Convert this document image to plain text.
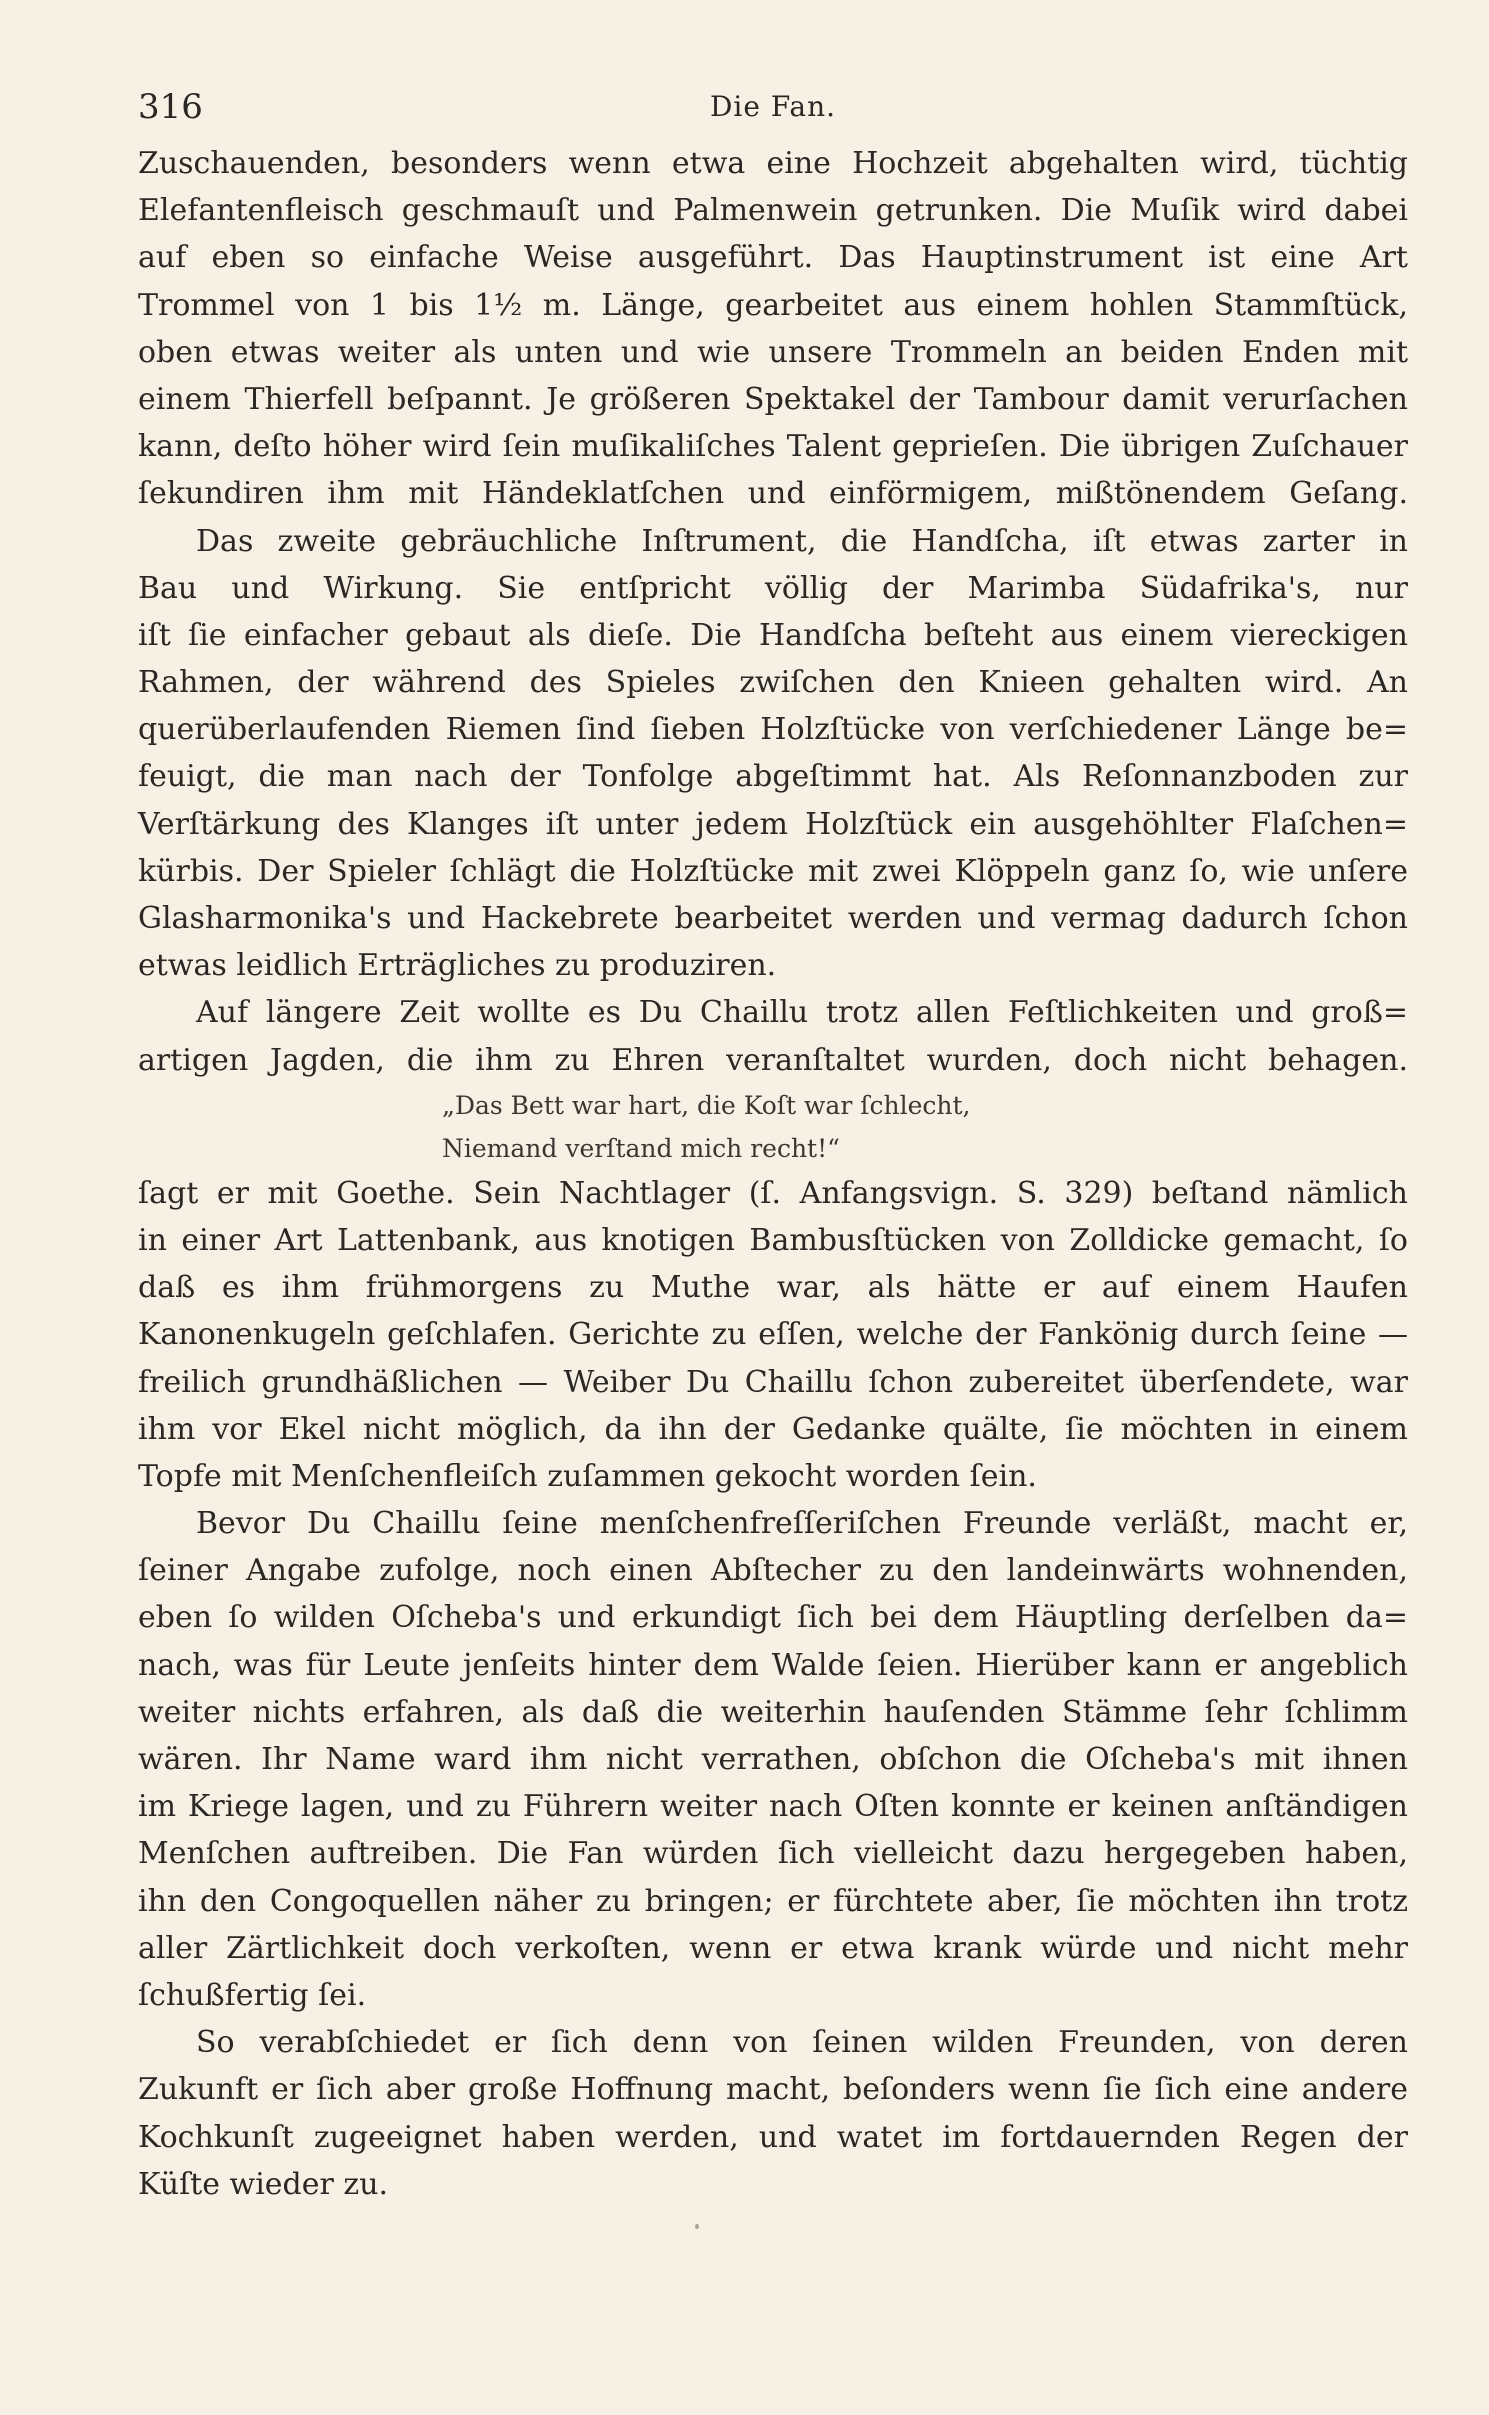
316	Die Fan.
Zuschauenden, besonders wenn etwa eine Hochzeit abgehalten wird, tüchtig
Elefantenfleisch geschmauſt und Palmenwein getrunken. Die Muſik wird dabei
auf eben so einfache Weise ausgeführt. Das Hauptinstrument ist eine Art
Trommel von 1 bis 1½ m. Länge, gearbeitet aus einem hohlen Stammſtück,
oben etwas weiter als unten und wie unsere Trommeln an beiden Enden mit
einem Thierfell beſpannt. Je größeren Spektakel der Tambour damit verurſachen
kann, deſto höher wird ſein muſikaliſches Talent geprieſen. Die übrigen Zuſchauer
ſekundiren ihm mit Händeklatſchen und einförmigem, mißtönendem Geſang.
Das zweite gebräuchliche Inſtrument, die Handſcha, iſt etwas zarter in
Bau und Wirkung. Sie entſpricht völlig der Marimba Südafrika's, nur
iſt ſie einfacher gebaut als dieſe. Die Handſcha beſteht aus einem viereckigen
Rahmen, der während des Spieles zwiſchen den Knieen gehalten wird. An
querüberlaufenden Riemen ſind ſieben Holzſtücke von verſchiedener Länge be=
feuigt, die man nach der Tonfolge abgeſtimmt hat. Als Reſonnanzboden zur
Verſtärkung des Klanges iſt unter jedem Holzſtück ein ausgehöhlter Flaſchen=
kürbis. Der Spieler ſchlägt die Holzſtücke mit zwei Klöppeln ganz ſo, wie unſere
Glasharmonika's und Hackebrete bearbeitet werden und vermag dadurch ſchon
etwas leidlich Erträgliches zu produziren.
Auf längere Zeit wollte es Du Chaillu trotz allen Feſtlichkeiten und groß=
artigen Jagden, die ihm zu Ehren veranſtaltet wurden, doch nicht behagen.
„Das Bett war hart, die Koſt war ſchlecht,
Niemand verſtand mich recht!“
ſagt er mit Goethe. Sein Nachtlager (ſ. Anfangsvign. S. 329) beſtand nämlich
in einer Art Lattenbank, aus knotigen Bambusſtücken von Zolldicke gemacht, ſo
daß es ihm frühmorgens zu Muthe war, als hätte er auf einem Haufen
Kanonenkugeln geſchlafen. Gerichte zu eſſen, welche der Fankönig durch ſeine —
freilich grundhäßlichen — Weiber Du Chaillu ſchon zubereitet überſendete, war
ihm vor Ekel nicht möglich, da ihn der Gedanke quälte, ſie möchten in einem
Topfe mit Menſchenfleiſch zuſammen gekocht worden ſein.
Bevor Du Chaillu ſeine menſchenfreſſeriſchen Freunde verläßt, macht er,
ſeiner Angabe zufolge, noch einen Abſtecher zu den landeinwärts wohnenden,
eben ſo wilden Oſcheba's und erkundigt ſich bei dem Häuptling derſelben da=
nach, was für Leute jenſeits hinter dem Walde ſeien. Hierüber kann er angeblich
weiter nichts erfahren, als daß die weiterhin hauſenden Stämme ſehr ſchlimm
wären. Ihr Name ward ihm nicht verrathen, obſchon die Oſcheba's mit ihnen
im Kriege lagen, und zu Führern weiter nach Oſten konnte er keinen anſtändigen
Menſchen auftreiben. Die Fan würden ſich vielleicht dazu hergegeben haben,
ihn den Congoquellen näher zu bringen; er fürchtete aber, ſie möchten ihn trotz
aller Zärtlichkeit doch verkoſten, wenn er etwa krank würde und nicht mehr
ſchußfertig ſei.
So verabſchiedet er ſich denn von ſeinen wilden Freunden, von deren
Zukunft er ſich aber große Hoffnung macht, beſonders wenn ſie ſich eine andere
Kochkunſt zugeeignet haben werden, und watet im fortdauernden Regen der
Küſte wieder zu.
